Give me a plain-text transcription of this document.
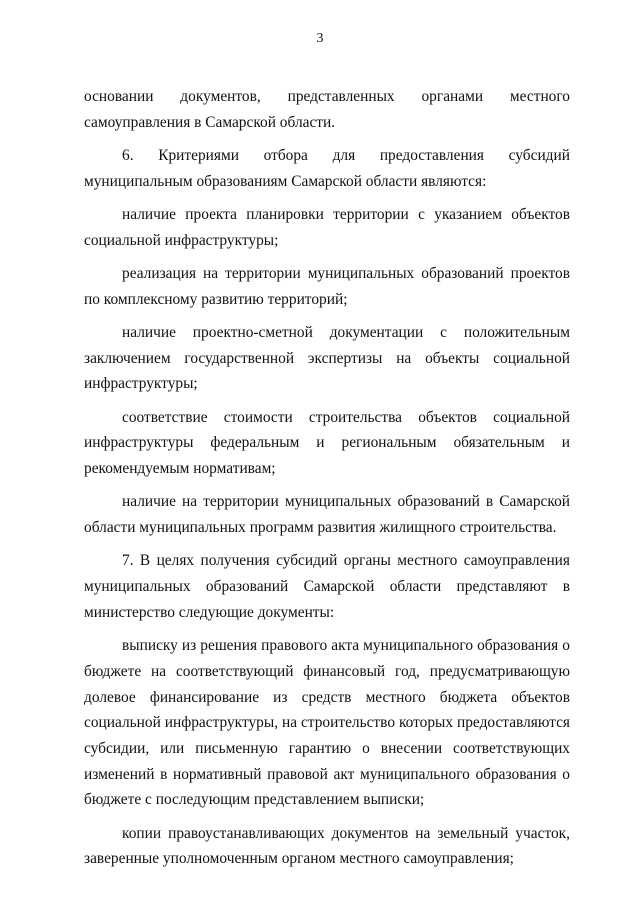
3

основании документов, представленных органами местного самоуправления в Самарской области.

6. Критериями отбора для предоставления субсидий муниципальным образованиям Самарской области являются:

наличие проекта планировки территории с указанием объектов социальной инфраструктуры;

реализация на территории муниципальных образований проектов по комплексному развитию территорий;

наличие проектно-сметной документации с положительным заключением государственной экспертизы на объекты социальной инфраструктуры;

соответствие стоимости строительства объектов социальной инфраструктуры федеральным и региональным обязательным и рекомендуемым нормативам;

наличие на территории муниципальных образований в Самарской области муниципальных программ развития жилищного строительства.

7. В целях получения субсидий органы местного самоуправления муниципальных образований Самарской области представляют в министерство следующие документы:

выписку из решения правового акта муниципального образования о бюджете на соответствующий финансовый год, предусматривающую долевое финансирование из средств местного бюджета объектов социальной инфраструктуры, на строительство которых предоставляются субсидии, или письменную гарантию о внесении соответствующих изменений в нормативный правовой акт муниципального образования о бюджете с последующим представлением выписки;

копии правоустанавливающих документов на земельный участок, заверенные уполномоченным органом местного самоуправления;
